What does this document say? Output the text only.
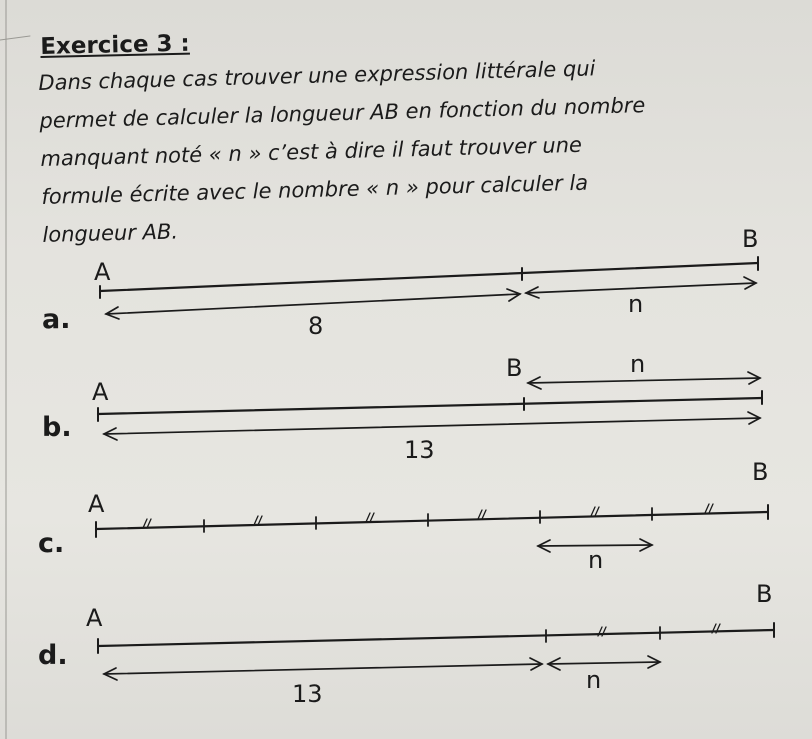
Exercice 3 :
Dans chaque cas trouver une expression littérale qui
permet de calculer la longueur AB en fonction du nombre
manquant noté « n » c’est à dire il faut trouver une
formule écrite avec le nombre « n » pour calculer la
longueur AB.
a.
A
B
8
n
b.
A
B	n
13
c.
A
B
n
d.
A
B
13	n
